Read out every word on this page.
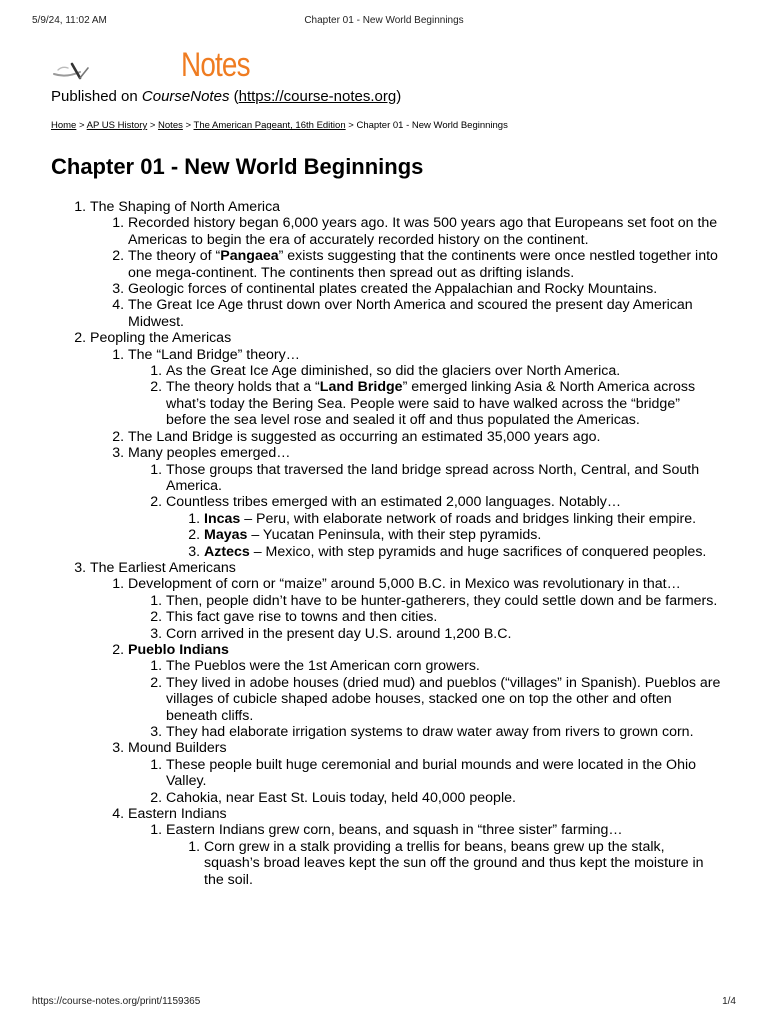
5/9/24, 11:02 AM	Chapter 01 - New World Beginnings
Notes
Published on CourseNotes (https://course-notes.org)
Home > AP US History > Notes > The American Pageant, 16th Edition > Chapter 01 - New World Beginnings
Chapter 01 - New World Beginnings
1. The Shaping of North America
1. Recorded history began 6,000 years ago. It was 500 years ago that Europeans set foot on the Americas to begin the era of accurately recorded history on the continent.
2. The theory of “Pangaea” exists suggesting that the continents were once nestled together into one mega-continent. The continents then spread out as drifting islands.
3. Geologic forces of continental plates created the Appalachian and Rocky Mountains.
4. The Great Ice Age thrust down over North America and scoured the present day American Midwest.
2. Peopling the Americas
1. The “Land Bridge” theory…
1. As the Great Ice Age diminished, so did the glaciers over North America.
2. The theory holds that a “Land Bridge” emerged linking Asia & North America across what’s today the Bering Sea. People were said to have walked across the “bridge” before the sea level rose and sealed it off and thus populated the Americas.
2. The Land Bridge is suggested as occurring an estimated 35,000 years ago.
3. Many peoples emerged…
1. Those groups that traversed the land bridge spread across North, Central, and South America.
2. Countless tribes emerged with an estimated 2,000 languages. Notably…
1. Incas – Peru, with elaborate network of roads and bridges linking their empire.
2. Mayas – Yucatan Peninsula, with their step pyramids.
3. Aztecs – Mexico, with step pyramids and huge sacrifices of conquered peoples.
3. The Earliest Americans
1. Development of corn or “maize” around 5,000 B.C. in Mexico was revolutionary in that…
1. Then, people didn’t have to be hunter-gatherers, they could settle down and be farmers.
2. This fact gave rise to towns and then cities.
3. Corn arrived in the present day U.S. around 1,200 B.C.
2. Pueblo Indians
1. The Pueblos were the 1st American corn growers.
2. They lived in adobe houses (dried mud) and pueblos (“villages” in Spanish). Pueblos are villages of cubicle shaped adobe houses, stacked one on top the other and often beneath cliffs.
3. They had elaborate irrigation systems to draw water away from rivers to grown corn.
3. Mound Builders
1. These people built huge ceremonial and burial mounds and were located in the Ohio Valley.
2. Cahokia, near East St. Louis today, held 40,000 people.
4. Eastern Indians
1. Eastern Indians grew corn, beans, and squash in “three sister” farming…
1. Corn grew in a stalk providing a trellis for beans, beans grew up the stalk, squash’s broad leaves kept the sun off the ground and thus kept the moisture in the soil.
https://course-notes.org/print/1159365	1/4
